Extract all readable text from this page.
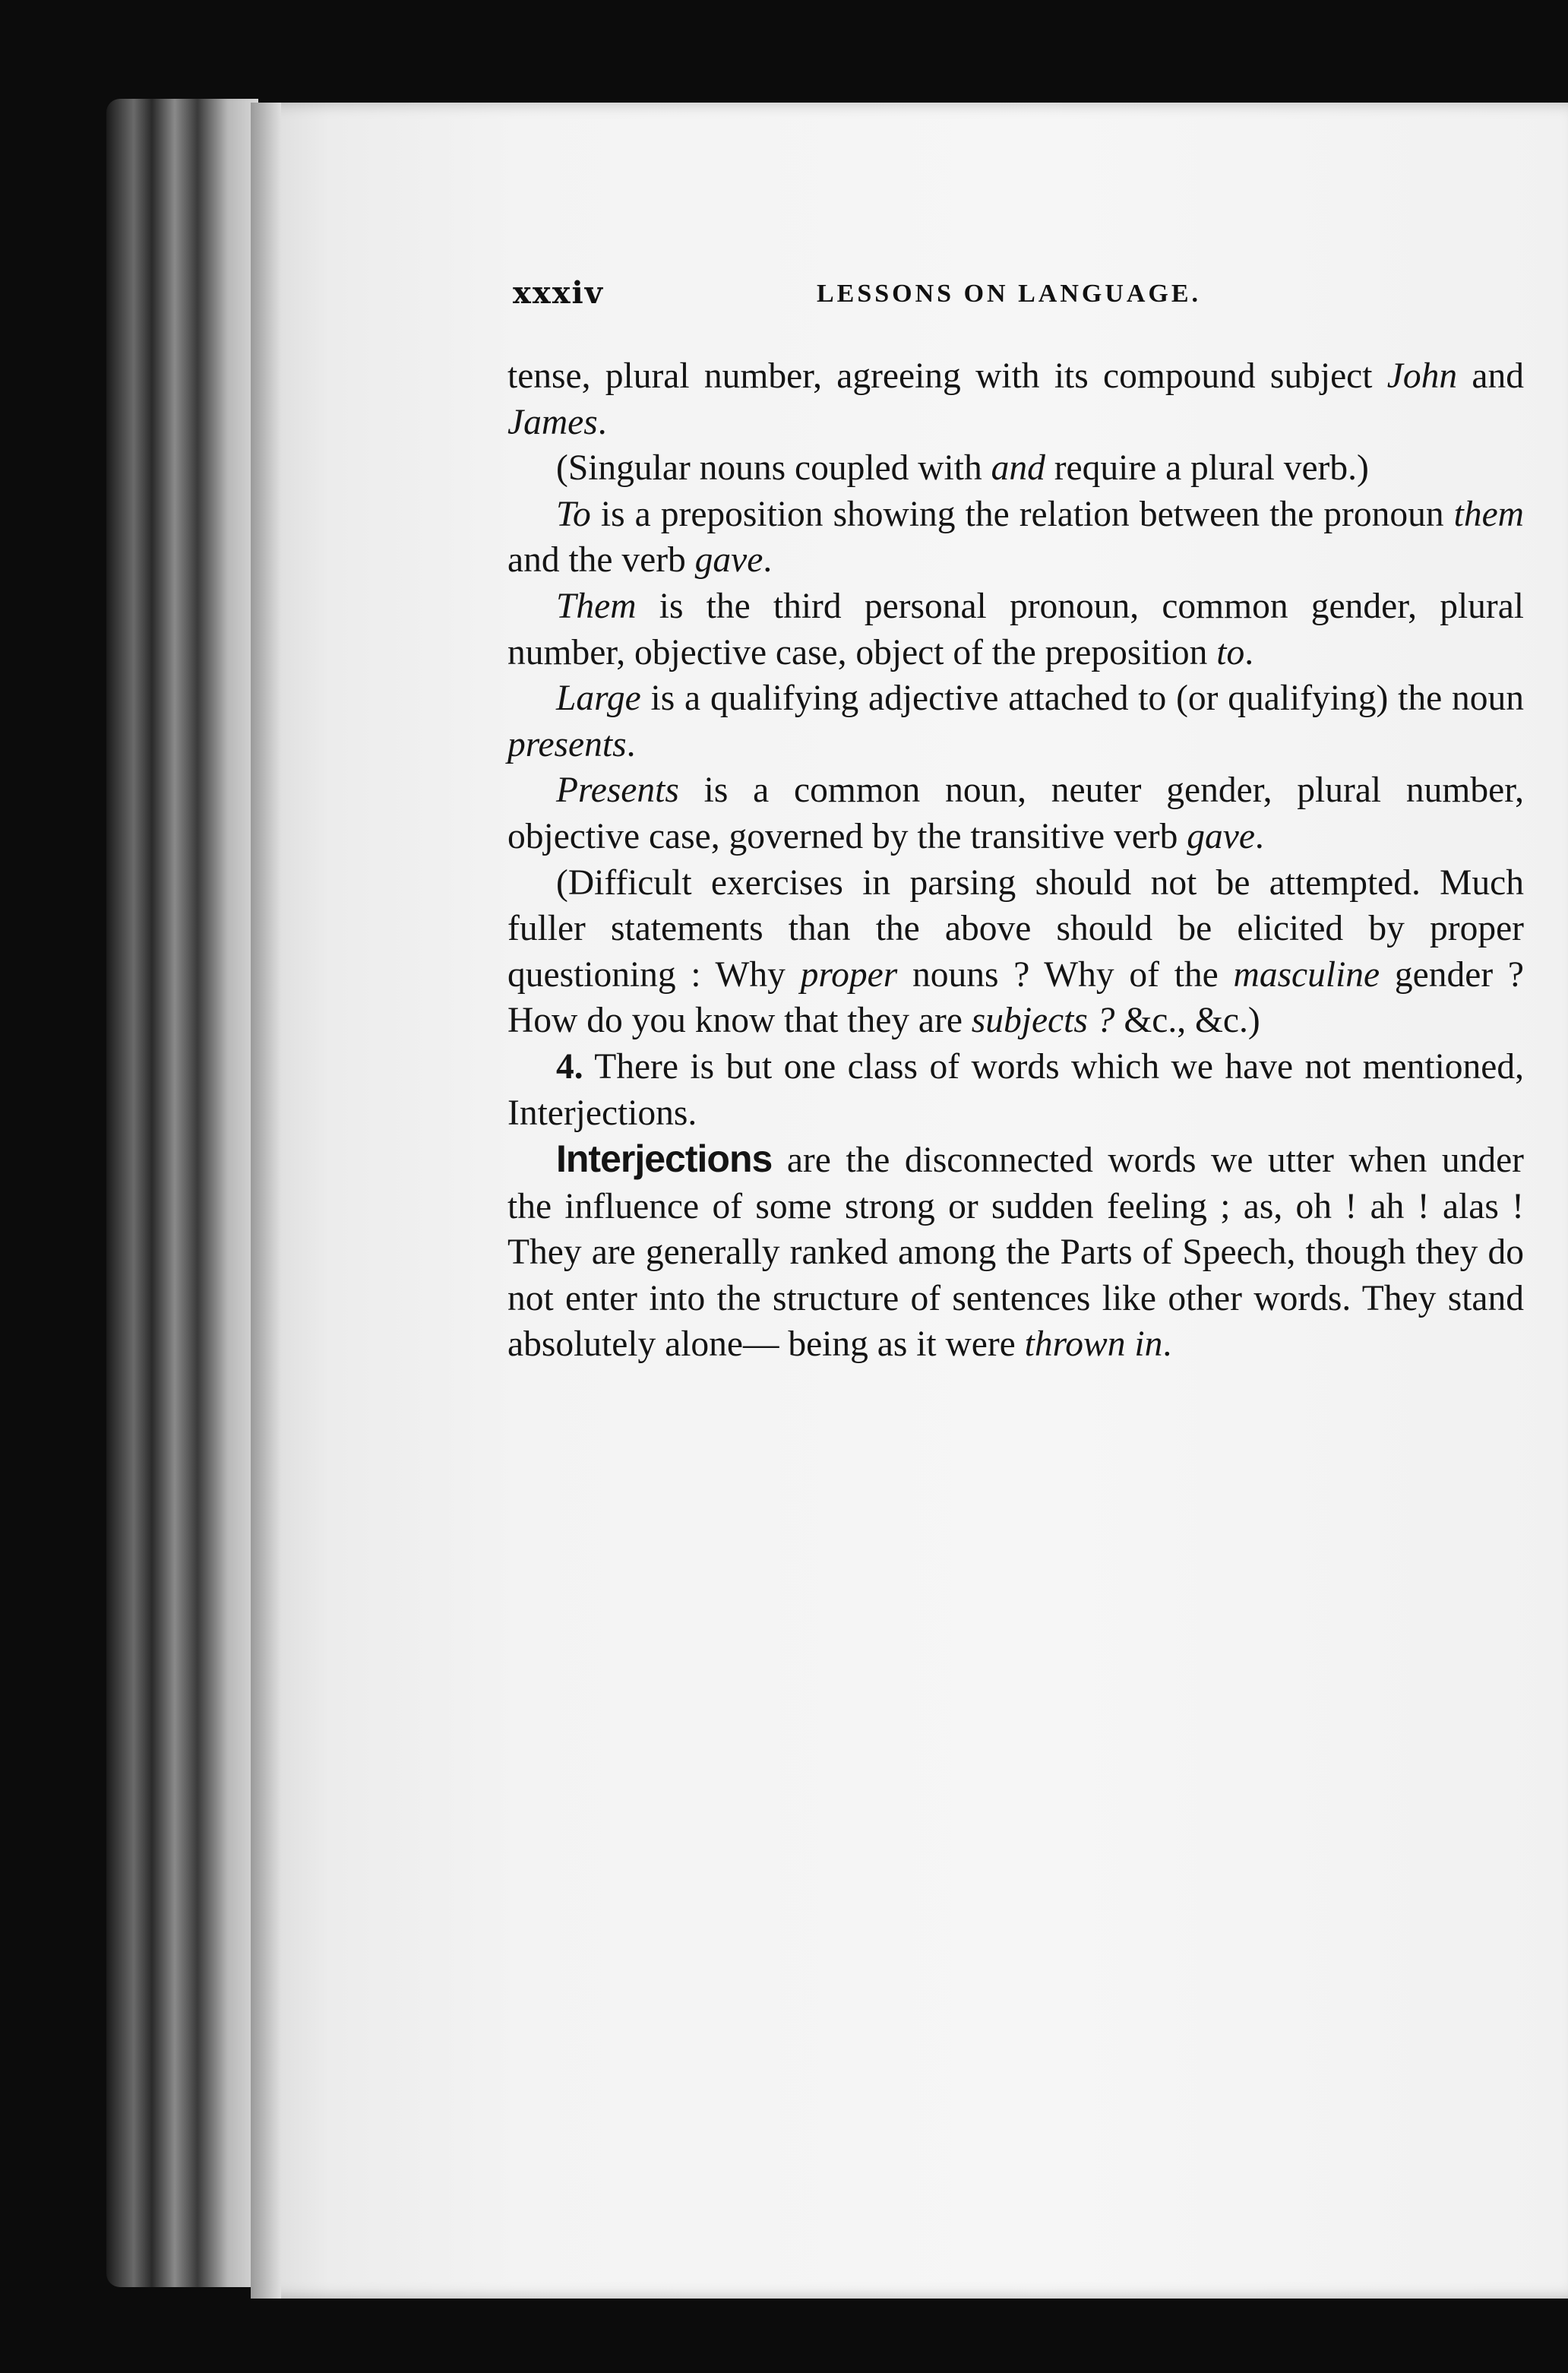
xxxiv	LESSONS ON LANGUAGE.

tense, plural number, agreeing with its compound subject John and James.

(Singular nouns coupled with and require a plural verb.)

To is a preposition showing the relation between the pronoun them and the verb gave.

Them is the third personal pronoun, common gender, plural number, objective case, object of the preposition to.

Large is a qualifying adjective attached to (or qualifying) the noun presents.

Presents is a common noun, neuter gender, plural number, objective case, governed by the transitive verb gave.

(Difficult exercises in parsing should not be attempted. Much fuller statements than the above should be elicited by proper questioning : Why proper nouns ? Why of the masculine gender ? How do you know that they are subjects ? &c., &c.)

4. There is but one class of words which we have not mentioned, Interjections.

Interjections are the disconnected words we utter when under the influence of some strong or sudden feeling ; as, oh ! ah ! alas ! They are generally ranked among the Parts of Speech, though they do not enter into the structure of sentences like other words. They stand absolutely alone— being as it were thrown in.
